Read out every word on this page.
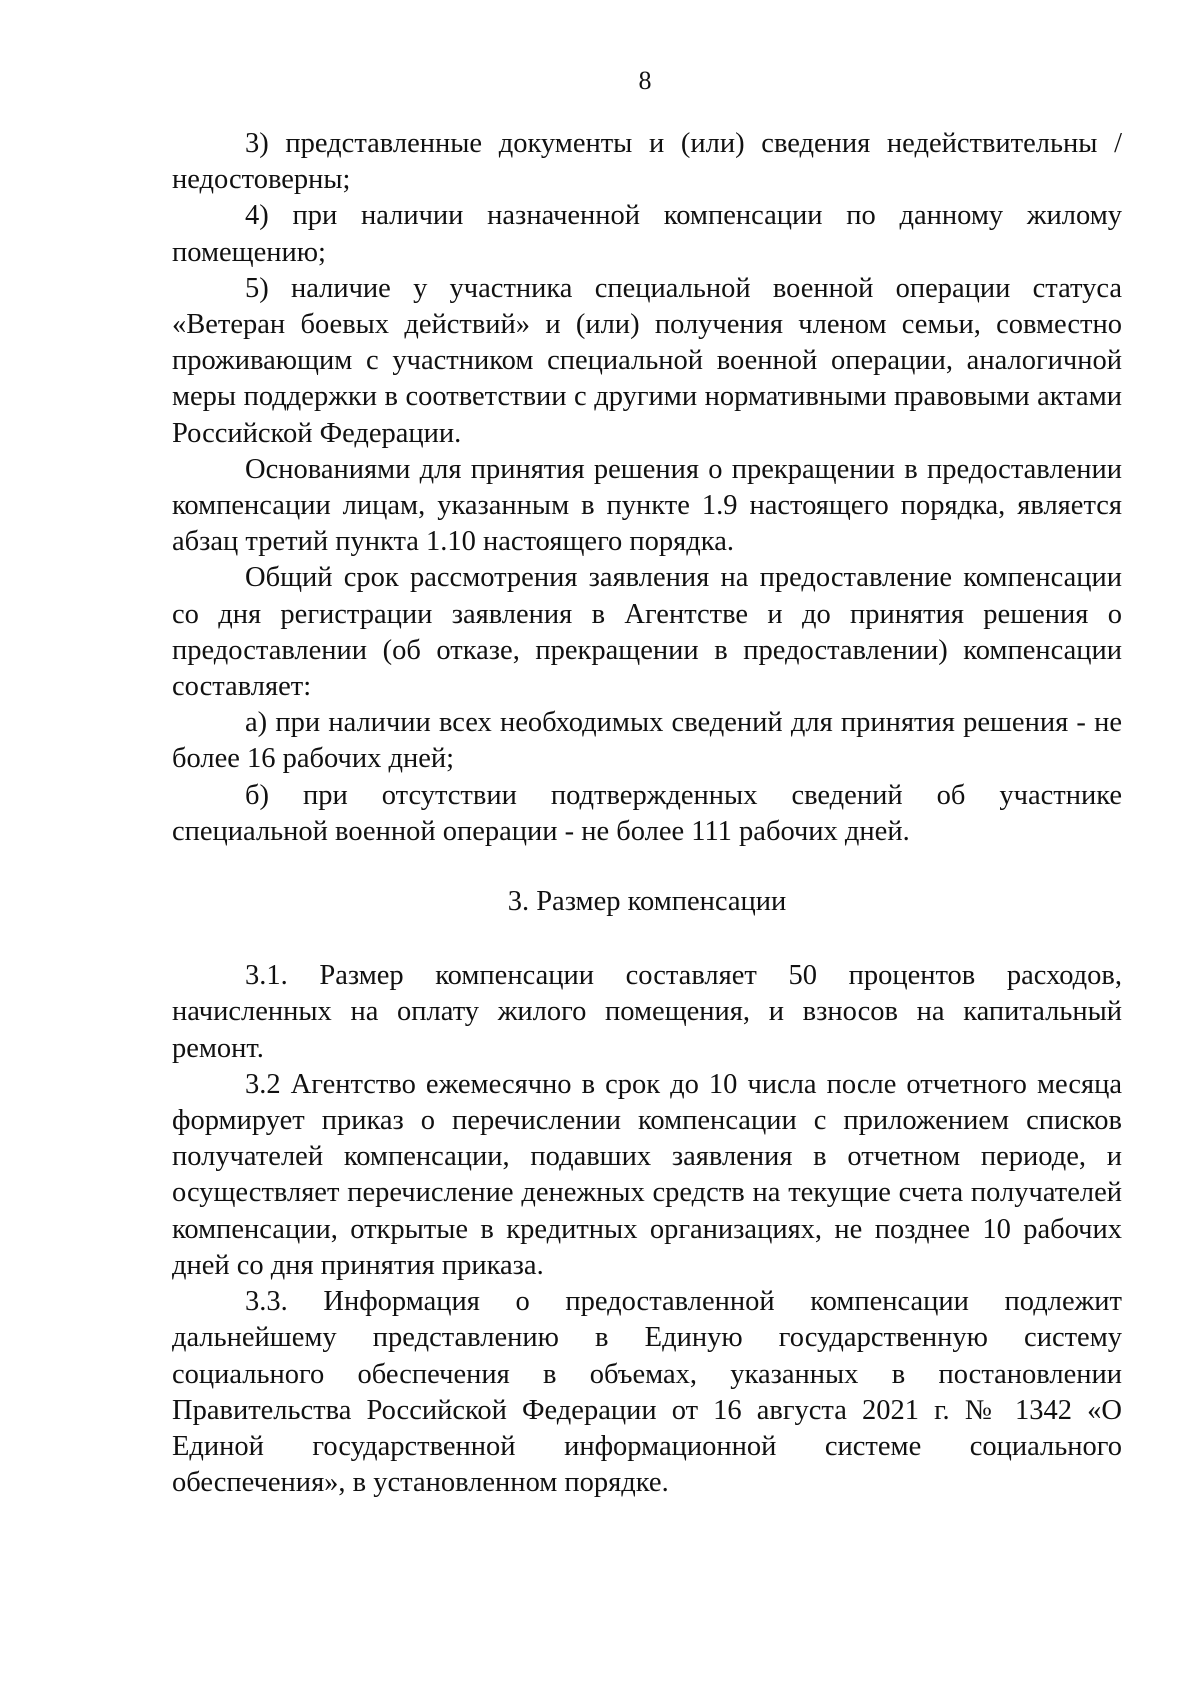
8

3) представленные документы и (или) сведения недействительны / недостоверны;

4) при наличии назначенной компенсации по данному жилому помещению;

5) наличие у участника специальной военной операции статуса «Ветеран боевых действий» и (или) получения членом семьи, совместно проживающим с участником специальной военной операции, аналогичной меры поддержки в соответствии с другими нормативными правовыми актами Российской Федерации.

Основаниями для принятия решения о прекращении в предоставлении компенсации лицам, указанным в пункте 1.9 настоящего порядка, является абзац третий пункта 1.10 настоящего порядка.

Общий срок рассмотрения заявления на предоставление компенсации со дня регистрации заявления в Агентстве и до принятия решения о предоставлении (об отказе, прекращении в предоставлении) компенсации составляет:

а) при наличии всех необходимых сведений для принятия решения - не более 16 рабочих дней;

б) при отсутствии подтвержденных сведений об участнике специальной военной операции - не более 111 рабочих дней.

3. Размер компенсации

3.1. Размер компенсации составляет 50 процентов расходов, начисленных на оплату жилого помещения, и взносов на капитальный ремонт.

3.2 Агентство ежемесячно в срок до 10 числа после отчетного месяца формирует приказ о перечислении компенсации с приложением списков получателей компенсации, подавших заявления в отчетном периоде, и осуществляет перечисление денежных средств на текущие счета получателей компенсации, открытые в кредитных организациях, не позднее 10 рабочих дней со дня принятия приказа.

3.3. Информация о предоставленной компенсации подлежит дальнейшему представлению в Единую государственную систему социального обеспечения в объемах, указанных в постановлении Правительства Российской Федерации от 16 августа 2021 г. № 1342 «О Единой государственной информационной системе социального обеспечения», в установленном порядке.
